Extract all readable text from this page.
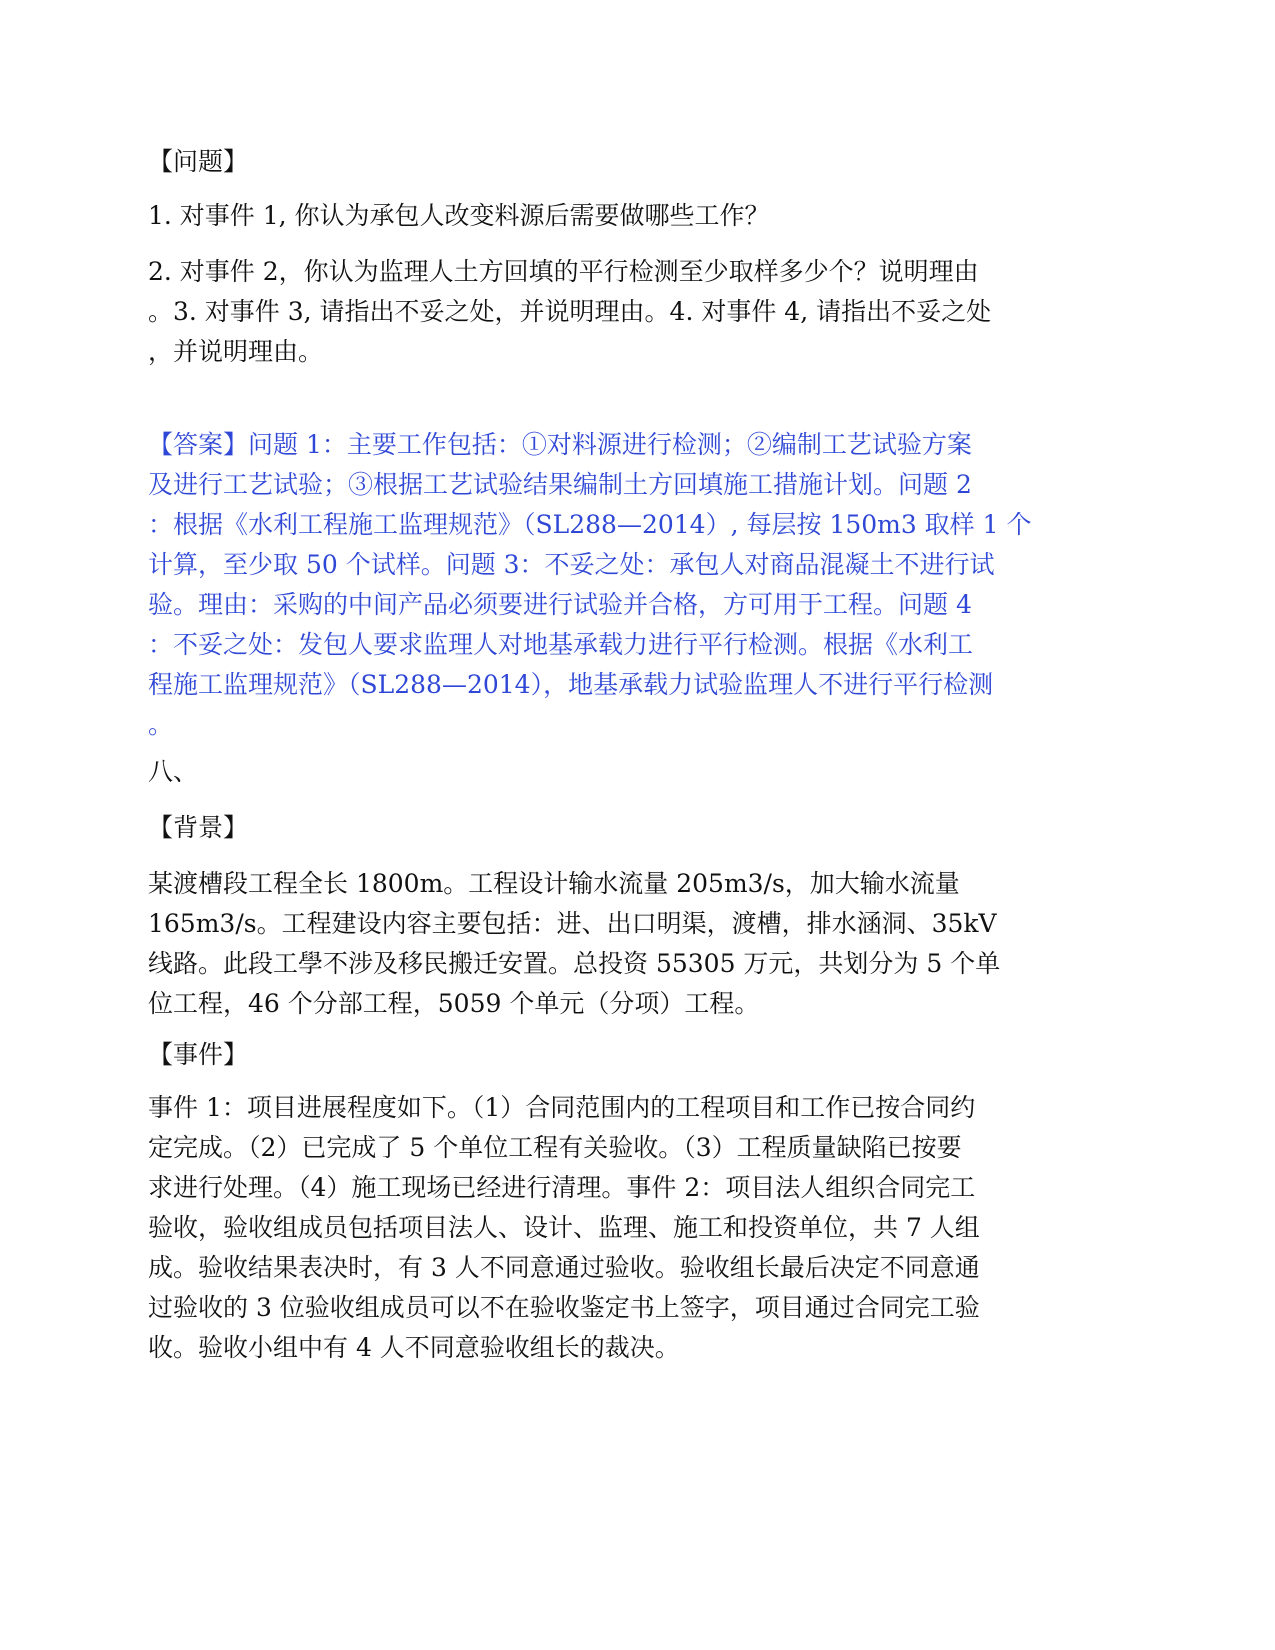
【问题】

1. 对事件 1, 你认为承包人改变料源后需要做哪些工作？

2. 对事件 2，你认为监理人土方回填的平行检测至少取样多少个？说明理由
。3. 对事件 3, 请指出不妥之处，并说明理由。4. 对事件 4, 请指出不妥之处
，并说明理由。
【答案】问题 1：主要工作包括：①对料源进行检测；②编制工艺试验方案
及进行工艺试验；③根据工艺试验结果编制土方回填施工措施计划。问题 2
：根据《水利工程施工监理规范》（SL288—2014）, 每层按 150m3 取样 1 个
计算，至少取 50 个试样。问题 3：不妥之处：承包人对商品混凝土不进行试
验。理由：采购的中间产品必须要进行试验并合格，方可用于工程。问题 4
：不妥之处：发包人要求监理人对地基承载力进行平行检测。根据《水利工
程施工监理规范》（SL288—2014），地基承载力试验监理人不进行平行检测
。

八、

【背景】

某渡槽段工程全长 1800m。工程设计输水流量 205m3/s，加大输水流量
165m3/s。工程建设内容主要包括：进、出口明渠，渡槽，排水涵洞、35kV
线路。此段工學不涉及移民搬迁安置。总投资 55305 万元，共划分为 5 个单
位工程，46 个分部工程，5059 个单元（分项）工程。

【事件】

事件 1：项目进展程度如下。（1）合同范围内的工程项目和工作已按合同约
定完成。（2）已完成了 5 个单位工程有关验收。（3）工程质量缺陷已按要
求进行处理。（4）施工现场已经进行清理。事件 2：项目法人组织合同完工
验收，验收组成员包括项目法人、设计、监理、施工和投资单位，共 7 人组
成。验收结果表决时，有 3 人不同意通过验收。验收组长最后决定不同意通
过验收的 3 位验收组成员可以不在验收鉴定书上签字，项目通过合同完工验
收。验收小组中有 4 人不同意验收组长的裁决。
